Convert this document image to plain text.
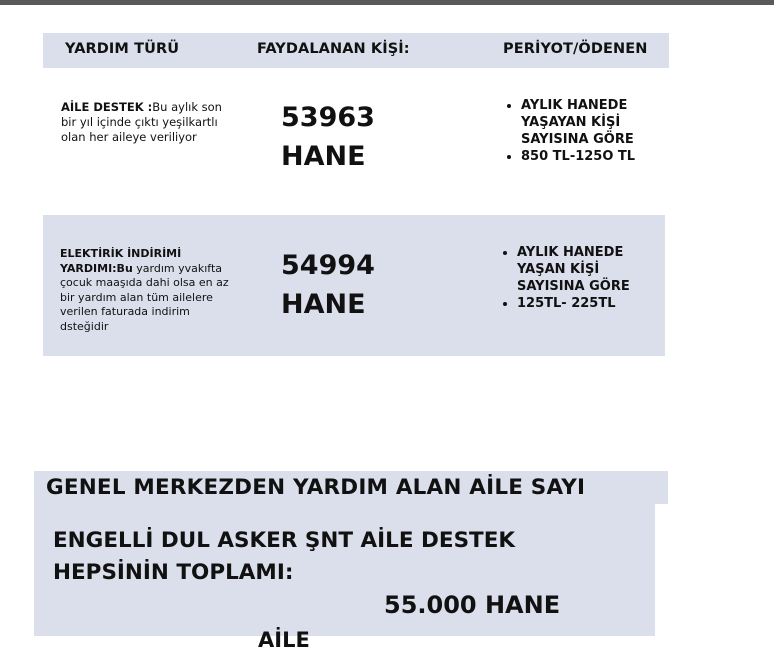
YARDIM TÜRÜ	FAYDALANAN KİŞİ:	PERİYOT/ÖDENEN
AİLE DESTEK :Bu aylık son bir yıl içinde çıktı yeşilkartlı olan her aileye veriliyor
53963
HANE
• AYLIK HANEDE YAŞAYAN KİŞİ SAYISINA GÖRE
• 850 TL-125O TL
ELEKTİRİK İNDİRİMİ YARDIMI:Bu yardım yvakıfta çocuk maaşıda dahi olsa en az bir yardım alan tüm ailelere verilen faturada indirim dsteğidir
54994
HANE
• AYLIK HANEDE YAŞAN KİŞİ SAYISINA GÖRE
• 125TL- 225TL
GENEL MERKEZDEN YARDIM ALAN AİLE SAYI
ENGELLİ DUL ASKER ŞNT AİLE DESTEK
HEPSİNİN TOPLAMI:
55.000 HANE
AİLE
